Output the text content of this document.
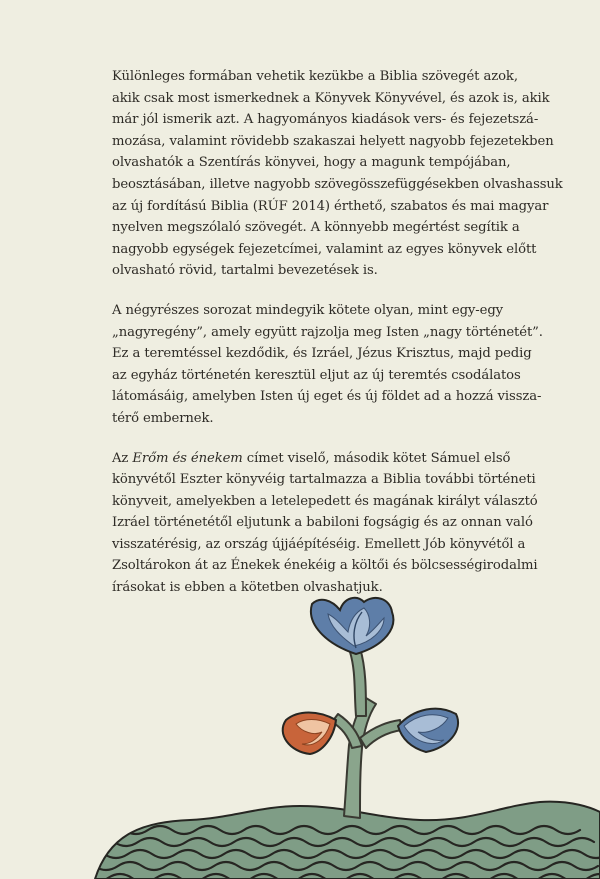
Különleges formában vehetik kezükbe a Biblia szövegét azok,
akik csak most ismerkednek a Könyvek Könyvével, és azok is, akik
már jól ismerik azt. A hagyományos kiadások vers- és fejezetszá-
mozása, valamint rövidebb szakaszai helyett nagyobb fejezetekben
olvashatók a Szentírás könyvei, hogy a magunk tempójában,
beosztásában, illetve nagyobb szövegösszefüggésekben olvashassuk
az új fordítású Biblia (RÚF 2014) érthető, szabatos és mai magyar
nyelven megszólaló szövegét. A könnyebb megértést segítik a
nagyobb egységek fejezetcímei, valamint az egyes könyvek előtt
olvasható rövid, tartalmi bevezetések is.

A négyrészes sorozat mindegyik kötete olyan, mint egy-egy
„nagyregény”, amely együtt rajzolja meg Isten „nagy történetét”.
Ez a teremtéssel kezdődik, és Izráel, Jézus Krisztus, majd pedig
az egyház történetén keresztül eljut az új teremtés csodálatos
látomásáig, amelyben Isten új eget és új földet ad a hozzá vissza-
térő embernek.

Az Erőm és énekem címet viselő, második kötet Sámuel első
könyvétől Eszter könyvéig tartalmazza a Biblia további történeti
könyveit, amelyekben a letelepedett és magának királyt választó
Izráel történetétől eljutunk a babiloni fogságig és az onnan való
visszatérésig, az ország újjáépítéséig. Emellett Jób könyvétől a
Zsoltárokon át az Énekek énekéig a költői és bölcsességirodalmi
írásokat is ebben a kötetben olvashatjuk.
